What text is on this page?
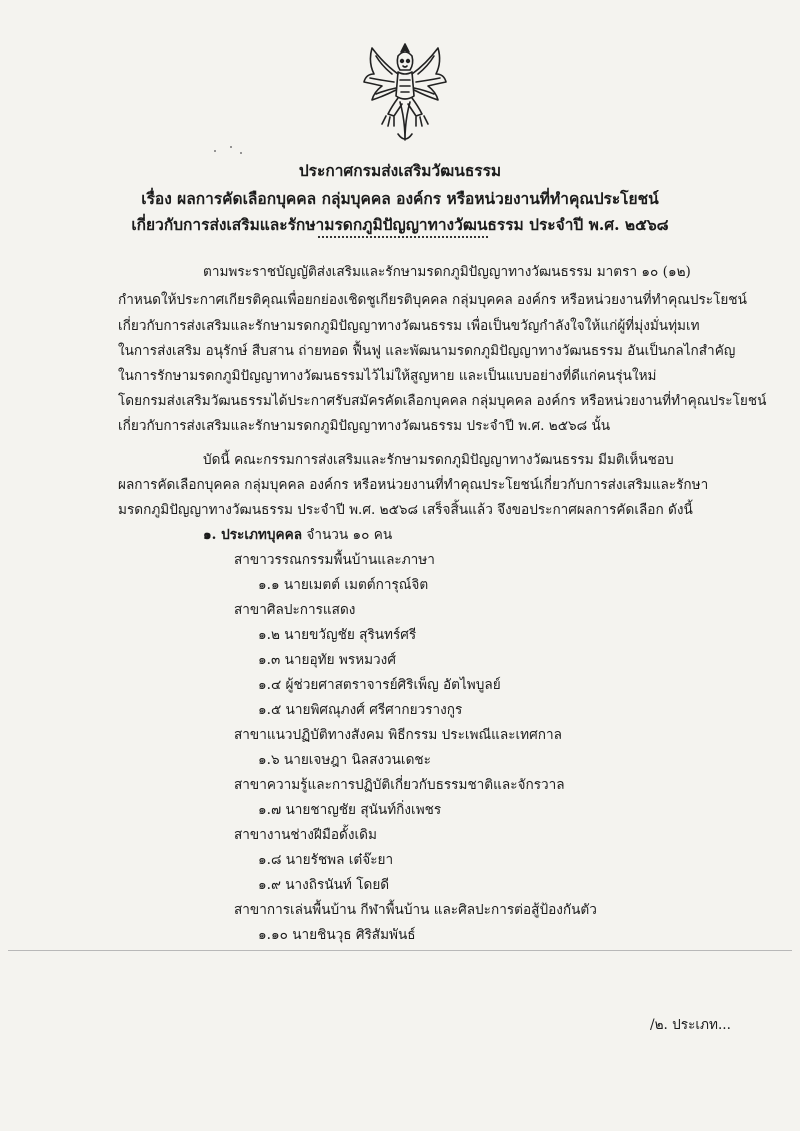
ประกาศกรมส่งเสริมวัฒนธรรม
เรื่อง ผลการคัดเลือกบุคคล กลุ่มบุคคล องค์กร หรือหน่วยงานที่ทำคุณประโยชน์
เกี่ยวกับการส่งเสริมและรักษามรดกภูมิปัญญาทางวัฒนธรรม ประจำปี พ.ศ. ๒๕๖๘
ตามพระราชบัญญัติส่งเสริมและรักษามรดกภูมิปัญญาทางวัฒนธรรม มาตรา ๑๐ (๑๒)
กำหนดให้ประกาศเกียรติคุณเพื่อยกย่องเชิดชูเกียรติบุคคล กลุ่มบุคคล องค์กร หรือหน่วยงานที่ทำคุณประโยชน์
เกี่ยวกับการส่งเสริมและรักษามรดกภูมิปัญญาทางวัฒนธรรม เพื่อเป็นขวัญกำลังใจให้แก่ผู้ที่มุ่งมั่นทุ่มเท
ในการส่งเสริม อนุรักษ์ สืบสาน ถ่ายทอด ฟื้นฟู และพัฒนามรดกภูมิปัญญาทางวัฒนธรรม อันเป็นกลไกสำคัญ
ในการรักษามรดกภูมิปัญญาทางวัฒนธรรมไว้ไม่ให้สูญหาย และเป็นแบบอย่างที่ดีแก่คนรุ่นใหม่
โดยกรมส่งเสริมวัฒนธรรมได้ประกาศรับสมัครคัดเลือกบุคคล กลุ่มบุคคล องค์กร หรือหน่วยงานที่ทำคุณประโยชน์
เกี่ยวกับการส่งเสริมและรักษามรดกภูมิปัญญาทางวัฒนธรรม ประจำปี พ.ศ. ๒๕๖๘ นั้น
บัดนี้ คณะกรรมการส่งเสริมและรักษามรดกภูมิปัญญาทางวัฒนธรรม มีมติเห็นชอบ
ผลการคัดเลือกบุคคล กลุ่มบุคคล องค์กร หรือหน่วยงานที่ทำคุณประโยชน์เกี่ยวกับการส่งเสริมและรักษา
มรดกภูมิปัญญาทางวัฒนธรรม ประจำปี พ.ศ. ๒๕๖๘ เสร็จสิ้นแล้ว จึงขอประกาศผลการคัดเลือก ดังนี้
๑. ประเภทบุคคล จำนวน ๑๐ คน
สาขาวรรณกรรมพื้นบ้านและภาษา
๑.๑ นายเมตต์ เมตต์การุณ์จิต
สาขาศิลปะการแสดง
๑.๒ นายขวัญชัย สุรินทร์ศรี
๑.๓ นายอุทัย พรหมวงศ์
๑.๔ ผู้ช่วยศาสตราจารย์ศิริเพ็ญ อัตไพบูลย์
๑.๕ นายพิศณุภงศ์ ศรีศากยวรางกูร
สาขาแนวปฏิบัติทางสังคม พิธีกรรม ประเพณีและเทศกาล
๑.๖ นายเจษฎา นิลสงวนเดชะ
สาขาความรู้และการปฏิบัติเกี่ยวกับธรรมชาติและจักรวาล
๑.๗ นายชาญชัย สุนันท์กิ่งเพชร
สาขางานช่างฝีมือดั้งเดิม
๑.๘ นายรัชพล เต๋จ๊ะยา
๑.๙ นางถิรนันท์ โดยดี
สาขาการเล่นพื้นบ้าน กีฬาพื้นบ้าน และศิลปะการต่อสู้ป้องกันตัว
๑.๑๐ นายชินวุธ ศิริสัมพันธ์
/๒. ประเภท...
